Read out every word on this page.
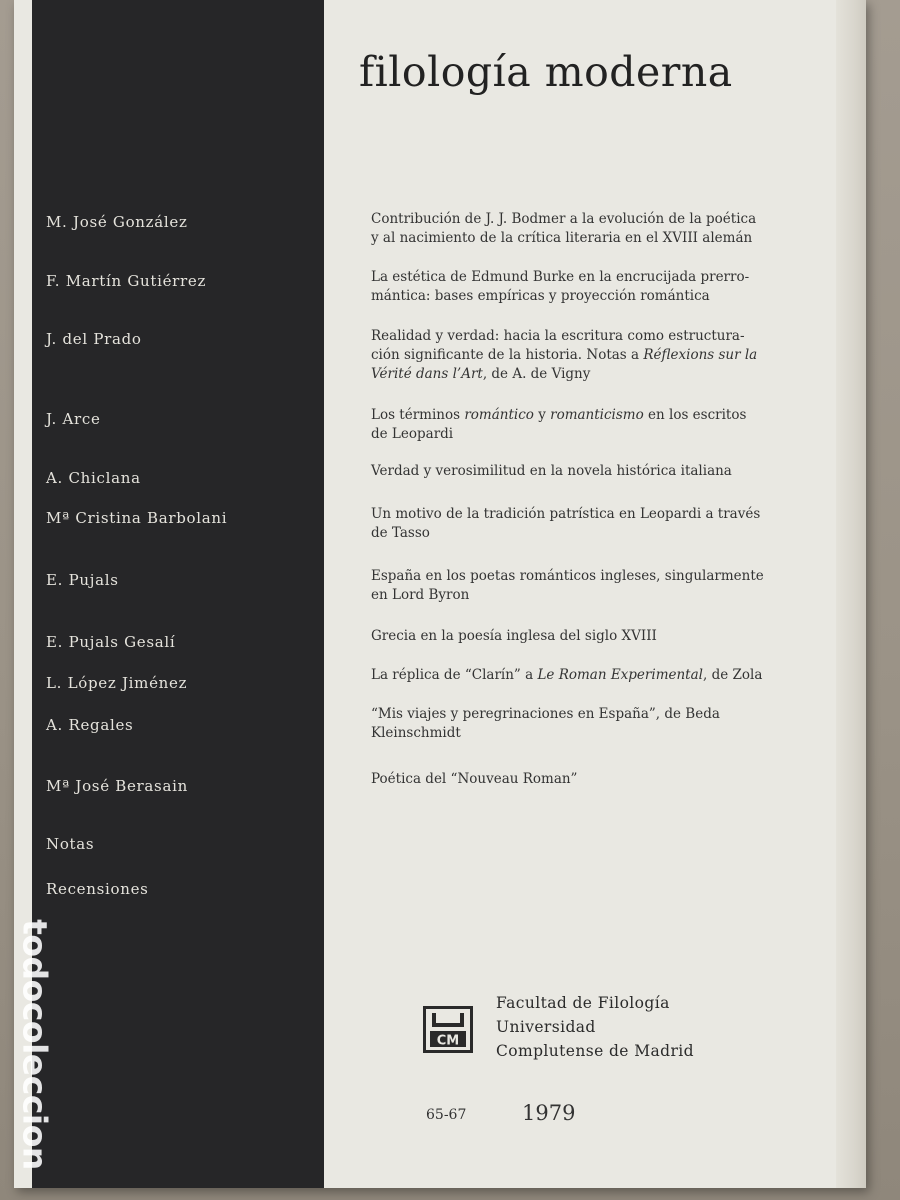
filología moderna
M. José González
F. Martín Gutiérrez
J. del Prado
J. Arce
A. Chiclana
Mª Cristina Barbolani
E. Pujals
E. Pujals Gesalí
L. López Jiménez
A. Regales
Mª José Berasain
Notas
Recensiones
Contribución de J. J. Bodmer a la evolución de la poética
y al nacimiento de la crítica literaria en el XVIII alemán
La estética de Edmund Burke en la encrucijada prerro-
mántica: bases empíricas y proyección romántica
Realidad y verdad: hacia la escritura como estructura-
ción significante de la historia. Notas a Réflexions sur la
Vérité dans l’Art, de A. de Vigny
Los términos romántico y romanticismo en los escritos
de Leopardi
Verdad y verosimilitud en la novela histórica italiana
Un motivo de la tradición patrística en Leopardi a través
de Tasso
España en los poetas románticos ingleses, singularmente
en Lord Byron
Grecia en la poesía inglesa del siglo XVIII
La réplica de “Clarín” a Le Roman Experimental, de Zola
“Mis viajes y peregrinaciones en España”, de Beda
Kleinschmidt
Poética del “Nouveau Roman”
CM
Facultad de Filología
Universidad
Complutense de Madrid
65-67	1979
todocoleccion
